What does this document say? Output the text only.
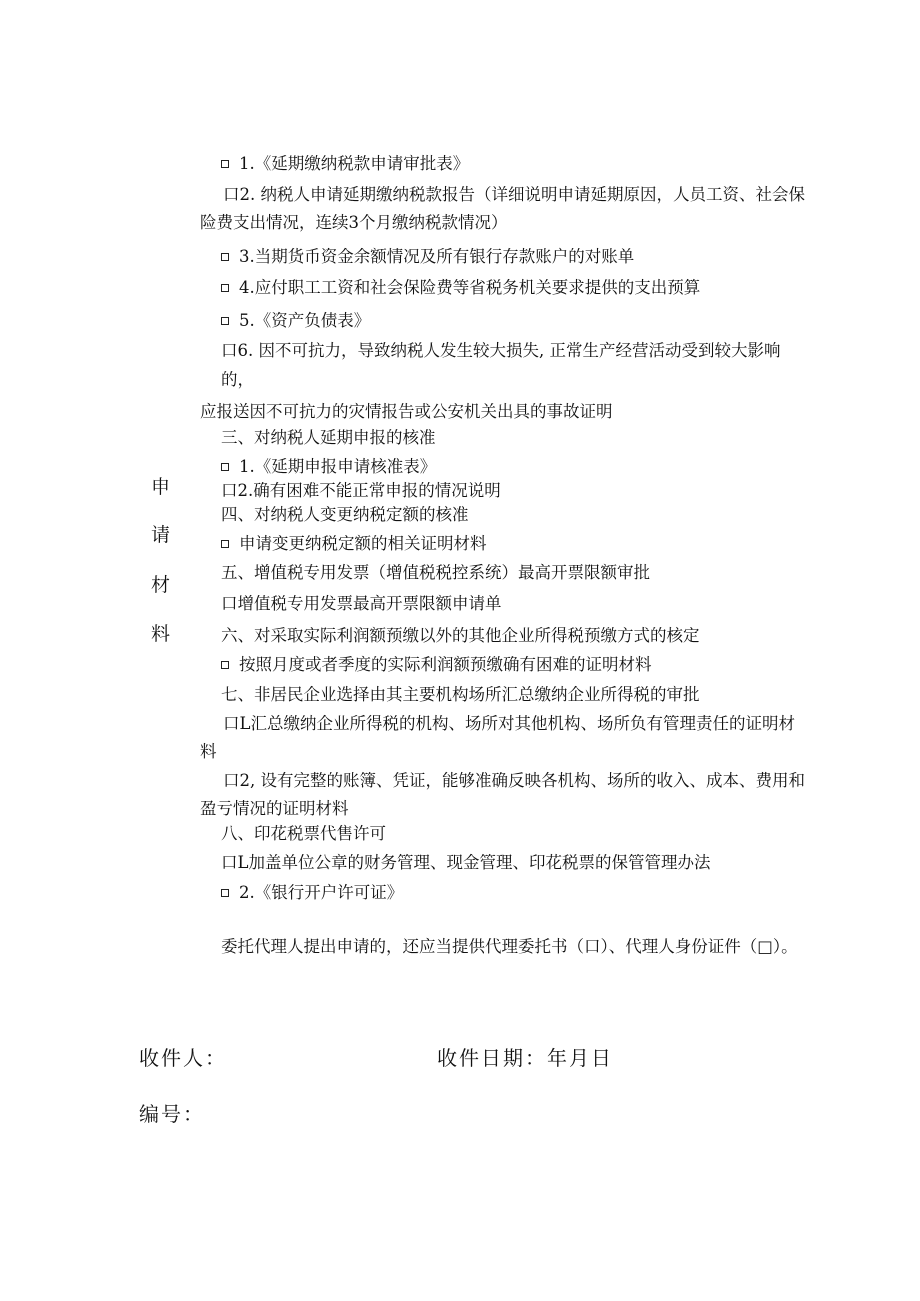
申
请
材
料
1.《延期缴纳税款申请审批表》
口2. 纳税人申请延期缴纳税款报告（详细说明申请延期原因，人员工资、社会保
险费支出情况，连续3个月缴纳税款情况）
3.当期货币资金余额情况及所有银行存款账户的对账单
4.应付职工工资和社会保险费等省税务机关要求提供的支出预算
5.《资产负债表》
口6. 因不可抗力，导致纳税人发生较大损失, 正常生产经营活动受到较大影响
的，
应报送因不可抗力的灾情报告或公安机关出具的事故证明
三、对纳税人延期申报的核准
1.《延期申报申请核准表》
口2.确有困难不能正常申报的情况说明
四、对纳税人变更纳税定额的核准
申请变更纳税定额的相关证明材料
五、增值税专用发票（增值税税控系统）最高开票限额审批
口增值税专用发票最高开票限额申请单
六、对采取实际利润额预缴以外的其他企业所得税预缴方式的核定
按照月度或者季度的实际利润额预缴确有困难的证明材料
七、非居民企业选择由其主要机构场所汇总缴纳企业所得税的审批
口L汇总缴纳企业所得税的机构、场所对其他机构、场所负有管理责任的证明材
料
口2, 设有完整的账簿、凭证，能够准确反映各机构、场所的收入、成本、费用和
盈亏情况的证明材料
八、印花税票代售许可
口L加盖单位公章的财务管理、现金管理、印花税票的保管管理办法
2.《银行开户许可证》
委托代理人提出申请的，还应当提供代理委托书（口）、代理人身份证件（□）。
收件人：	收件日期：年月日
编号：
